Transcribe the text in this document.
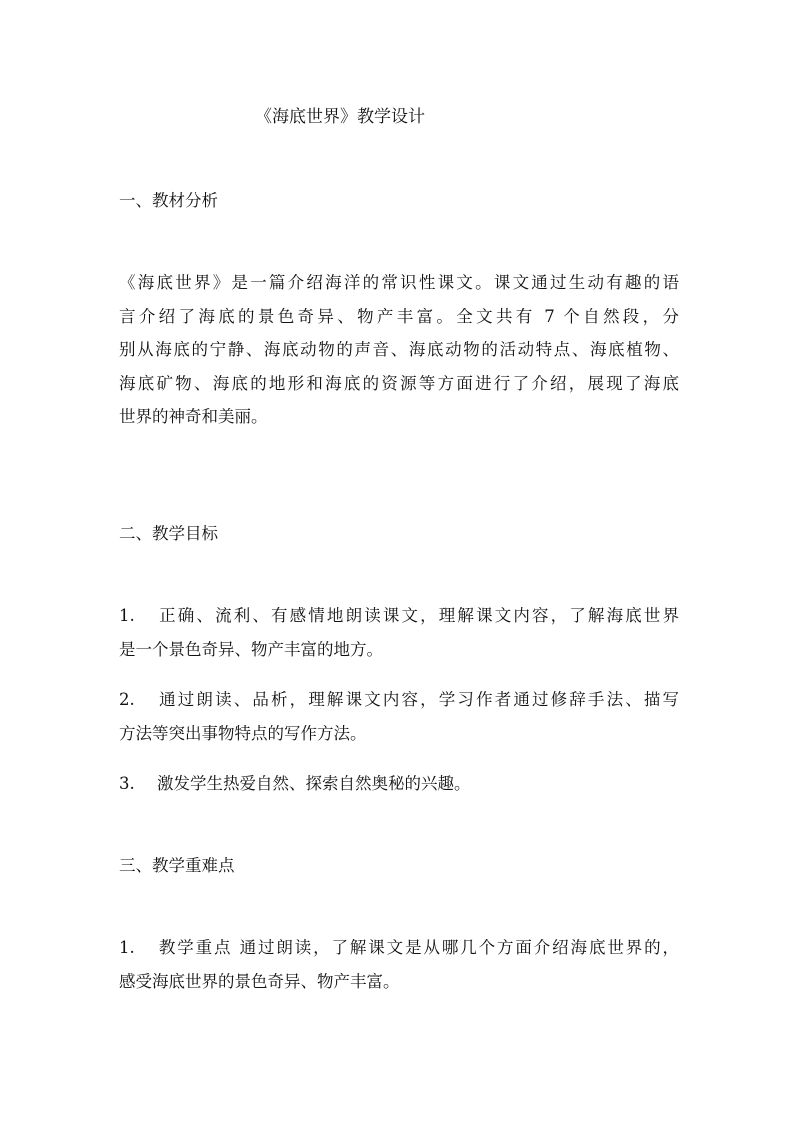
《海底世界》教学设计
一、教材分析
《海底世界》是一篇介绍海洋的常识性课文。课文通过生动有趣的语
言介绍了海底的景色奇异、物产丰富。全文共有 7 个自然段，分
别从海底的宁静、海底动物的声音、海底动物的活动特点、海底植物、
海底矿物、海底的地形和海底的资源等方面进行了介绍，展现了海底
世界的神奇和美丽。
二、教学目标
1. 正确、流利、有感情地朗读课文，理解课文内容，了解海底世界
是一个景色奇异、物产丰富的地方。
2. 通过朗读、品析，理解课文内容，学习作者通过修辞手法、描写
方法等突出事物特点的写作方法。
3. 激发学生热爱自然、探索自然奥秘的兴趣。
三、教学重难点
1. 教学重点 通过朗读，了解课文是从哪几个方面介绍海底世界的，
感受海底世界的景色奇异、物产丰富。
